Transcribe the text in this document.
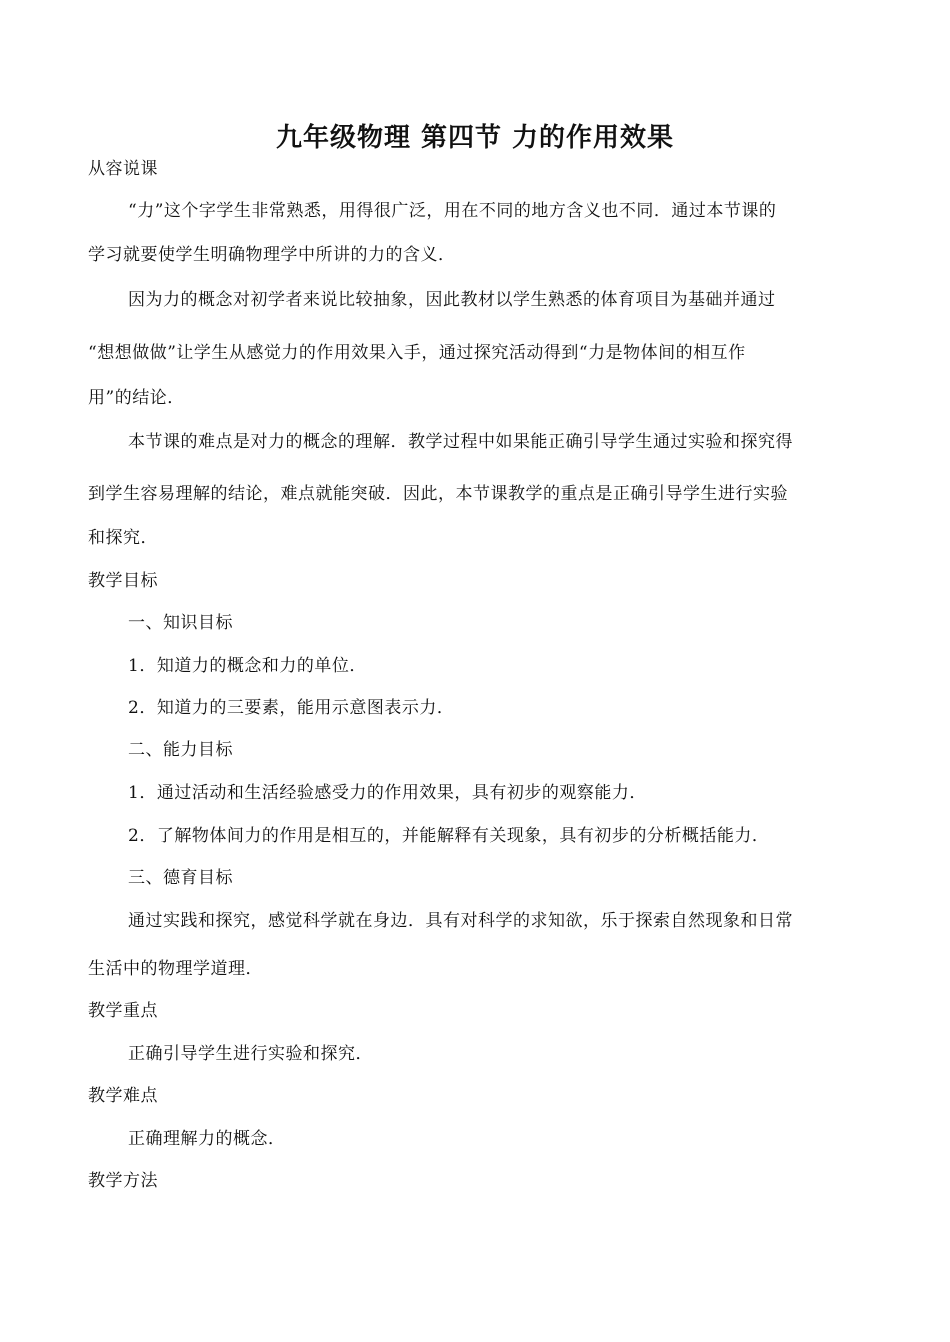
九年级物理 第四节 力的作用效果
从容说课
“力”这个字学生非常熟悉，用得很广泛，用在不同的地方含义也不同．通过本节课的
学习就要使学生明确物理学中所讲的力的含义．
因为力的概念对初学者来说比较抽象，因此教材以学生熟悉的体育项目为基础并通过
“想想做做”让学生从感觉力的作用效果入手，通过探究活动得到“力是物体间的相互作
用”的结论．
本节课的难点是对力的概念的理解．教学过程中如果能正确引导学生通过实验和探究得
到学生容易理解的结论，难点就能突破．因此，本节课教学的重点是正确引导学生进行实验
和探究．
教学目标
一、知识目标
1．知道力的概念和力的单位．
2．知道力的三要素，能用示意图表示力．
二、能力目标
1．通过活动和生活经验感受力的作用效果，具有初步的观察能力．
2．了解物体间力的作用是相互的，并能解释有关现象，具有初步的分析概括能力．
三、德育目标
通过实践和探究，感觉科学就在身边．具有对科学的求知欲，乐于探索自然现象和日常
生活中的物理学道理．
教学重点
正确引导学生进行实验和探究．
教学难点
正确理解力的概念．
教学方法
